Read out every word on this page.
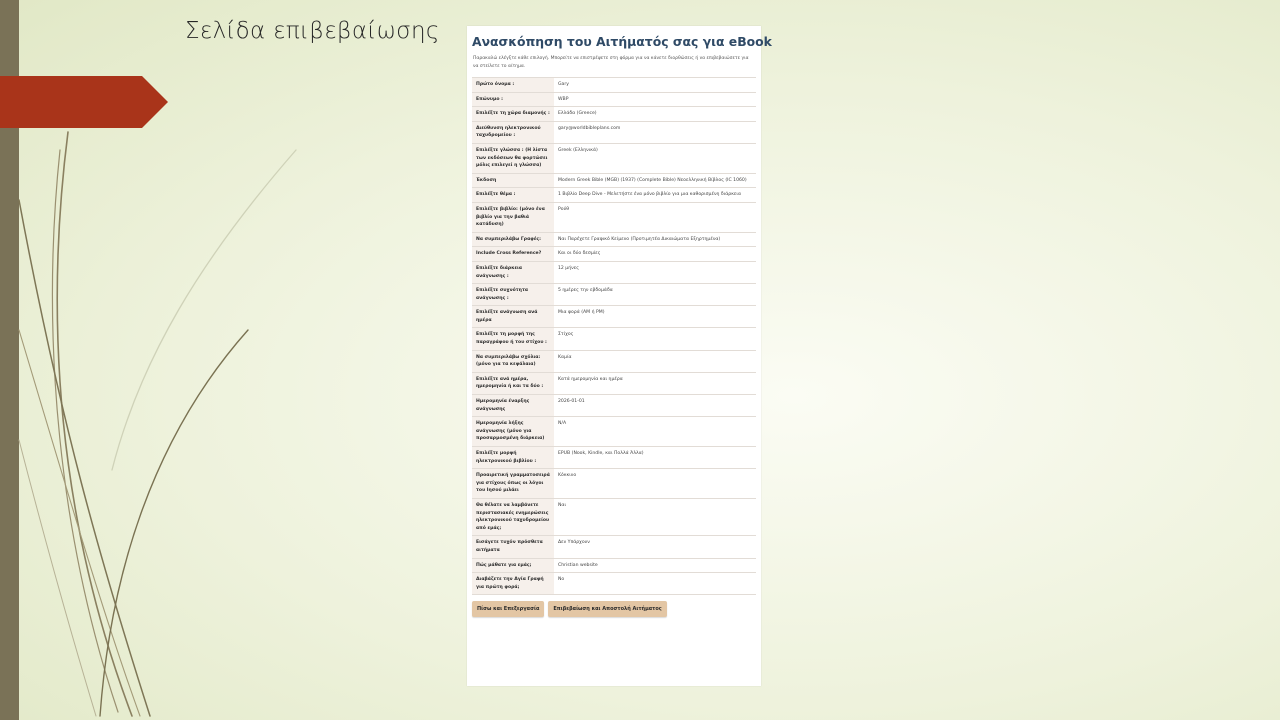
Σελίδα επιβεβαίωσης	Ανασκόπηση του Αιτήματός σας για eBook
Παρακαλώ ελέγξτε κάθε επιλογή. Μπορείτε να επιστρέψετε στη φόρμα για να κάνετε διορθώσεις ή να επιβεβαιώσετε για να στείλετε το αίτημα.
Πρώτο όνομα :	Gary
Επώνυμο :	WBP
Επιλέξτε τη χώρα διαμονής :	Ελλάδα (Greece)
Διεύθυνση ηλεκτρονικού ταχυδρομείου :	gary@worldbibleplans.com
Επιλέξτε γλώσσα : (Η λίστα των εκδόσεων θα φορτώσει μόλις επιλεγεί η γλώσσα)	Greek (Ελληνικά)
Έκδοση	Modern Greek Bible (MGB) (1937) (Complete Bible) Νεοελληνική Βίβλος (IC 1060)
Επιλέξτε θέμα :	1 Βιβλίο Deep Dive - Μελετήστε ένα μόνο βιβλίο για μια καθορισμένη διάρκεια
Επιλέξτε βιβλίο: (μόνο ένα βιβλίο για την βαθιά κατάδυση)	Ρούθ
Να συμπεριλάβω Γραφές:	Ναι Παρέχετε Γραφικό Κείμενο (Προτιμητέα Δικαιώματα Εξηρτημένα)
Include Cross Reference?	Και οι δύο δεσμίες
Επιλέξτε διάρκεια ανάγνωσης :	12 μήνες
Επιλέξτε συχνότητα ανάγνωσης :	5 ημέρες την εβδομάδα
Επιλέξτε ανάγνωση ανά ημέρα	Μια φορά (AM ή PM)
Επιλέξτε τη μορφή της παραγράφου ή του στίχου :	Στίχος
Να συμπεριλάβω σχόλια: (μόνο για τα κεφάλαια)	Καμία
Επιλέξτε ανά ημέρα, ημερομηνία ή και τα δύο :	Κατά ημερομηνία και ημέρα
Ημερομηνία έναρξης ανάγνωσης	2026-01-01
Ημερομηνία λήξης ανάγνωσης (μόνο για προσαρμοσμένη διάρκεια)	N/A
Επιλέξτε μορφή ηλεκτρονικού βιβλίου :	EPUB (Nook, Kindle, και Πολλά Άλλα)
Προαιρετική γραμματοσειρά για στίχους όπως οι λόγοι του Ιησού μιλάει	Κόκκινο
Θα θέλατε να λαμβάνετε περιστασιακές ενημερώσεις ηλεκτρονικού ταχυδρομείου από εμάς;	Ναι
Εισάγετε τυχόν πρόσθετα αιτήματα	Δεν Υπάρχουν
Πώς μάθατε για εμάς;	Christian website
Διαβάζετε την Αγία Γραφή για πρώτη φορά;	No
Πίσω και Επεξεργασία	Επιβεβαίωση και Αποστολή Αιτήματος
